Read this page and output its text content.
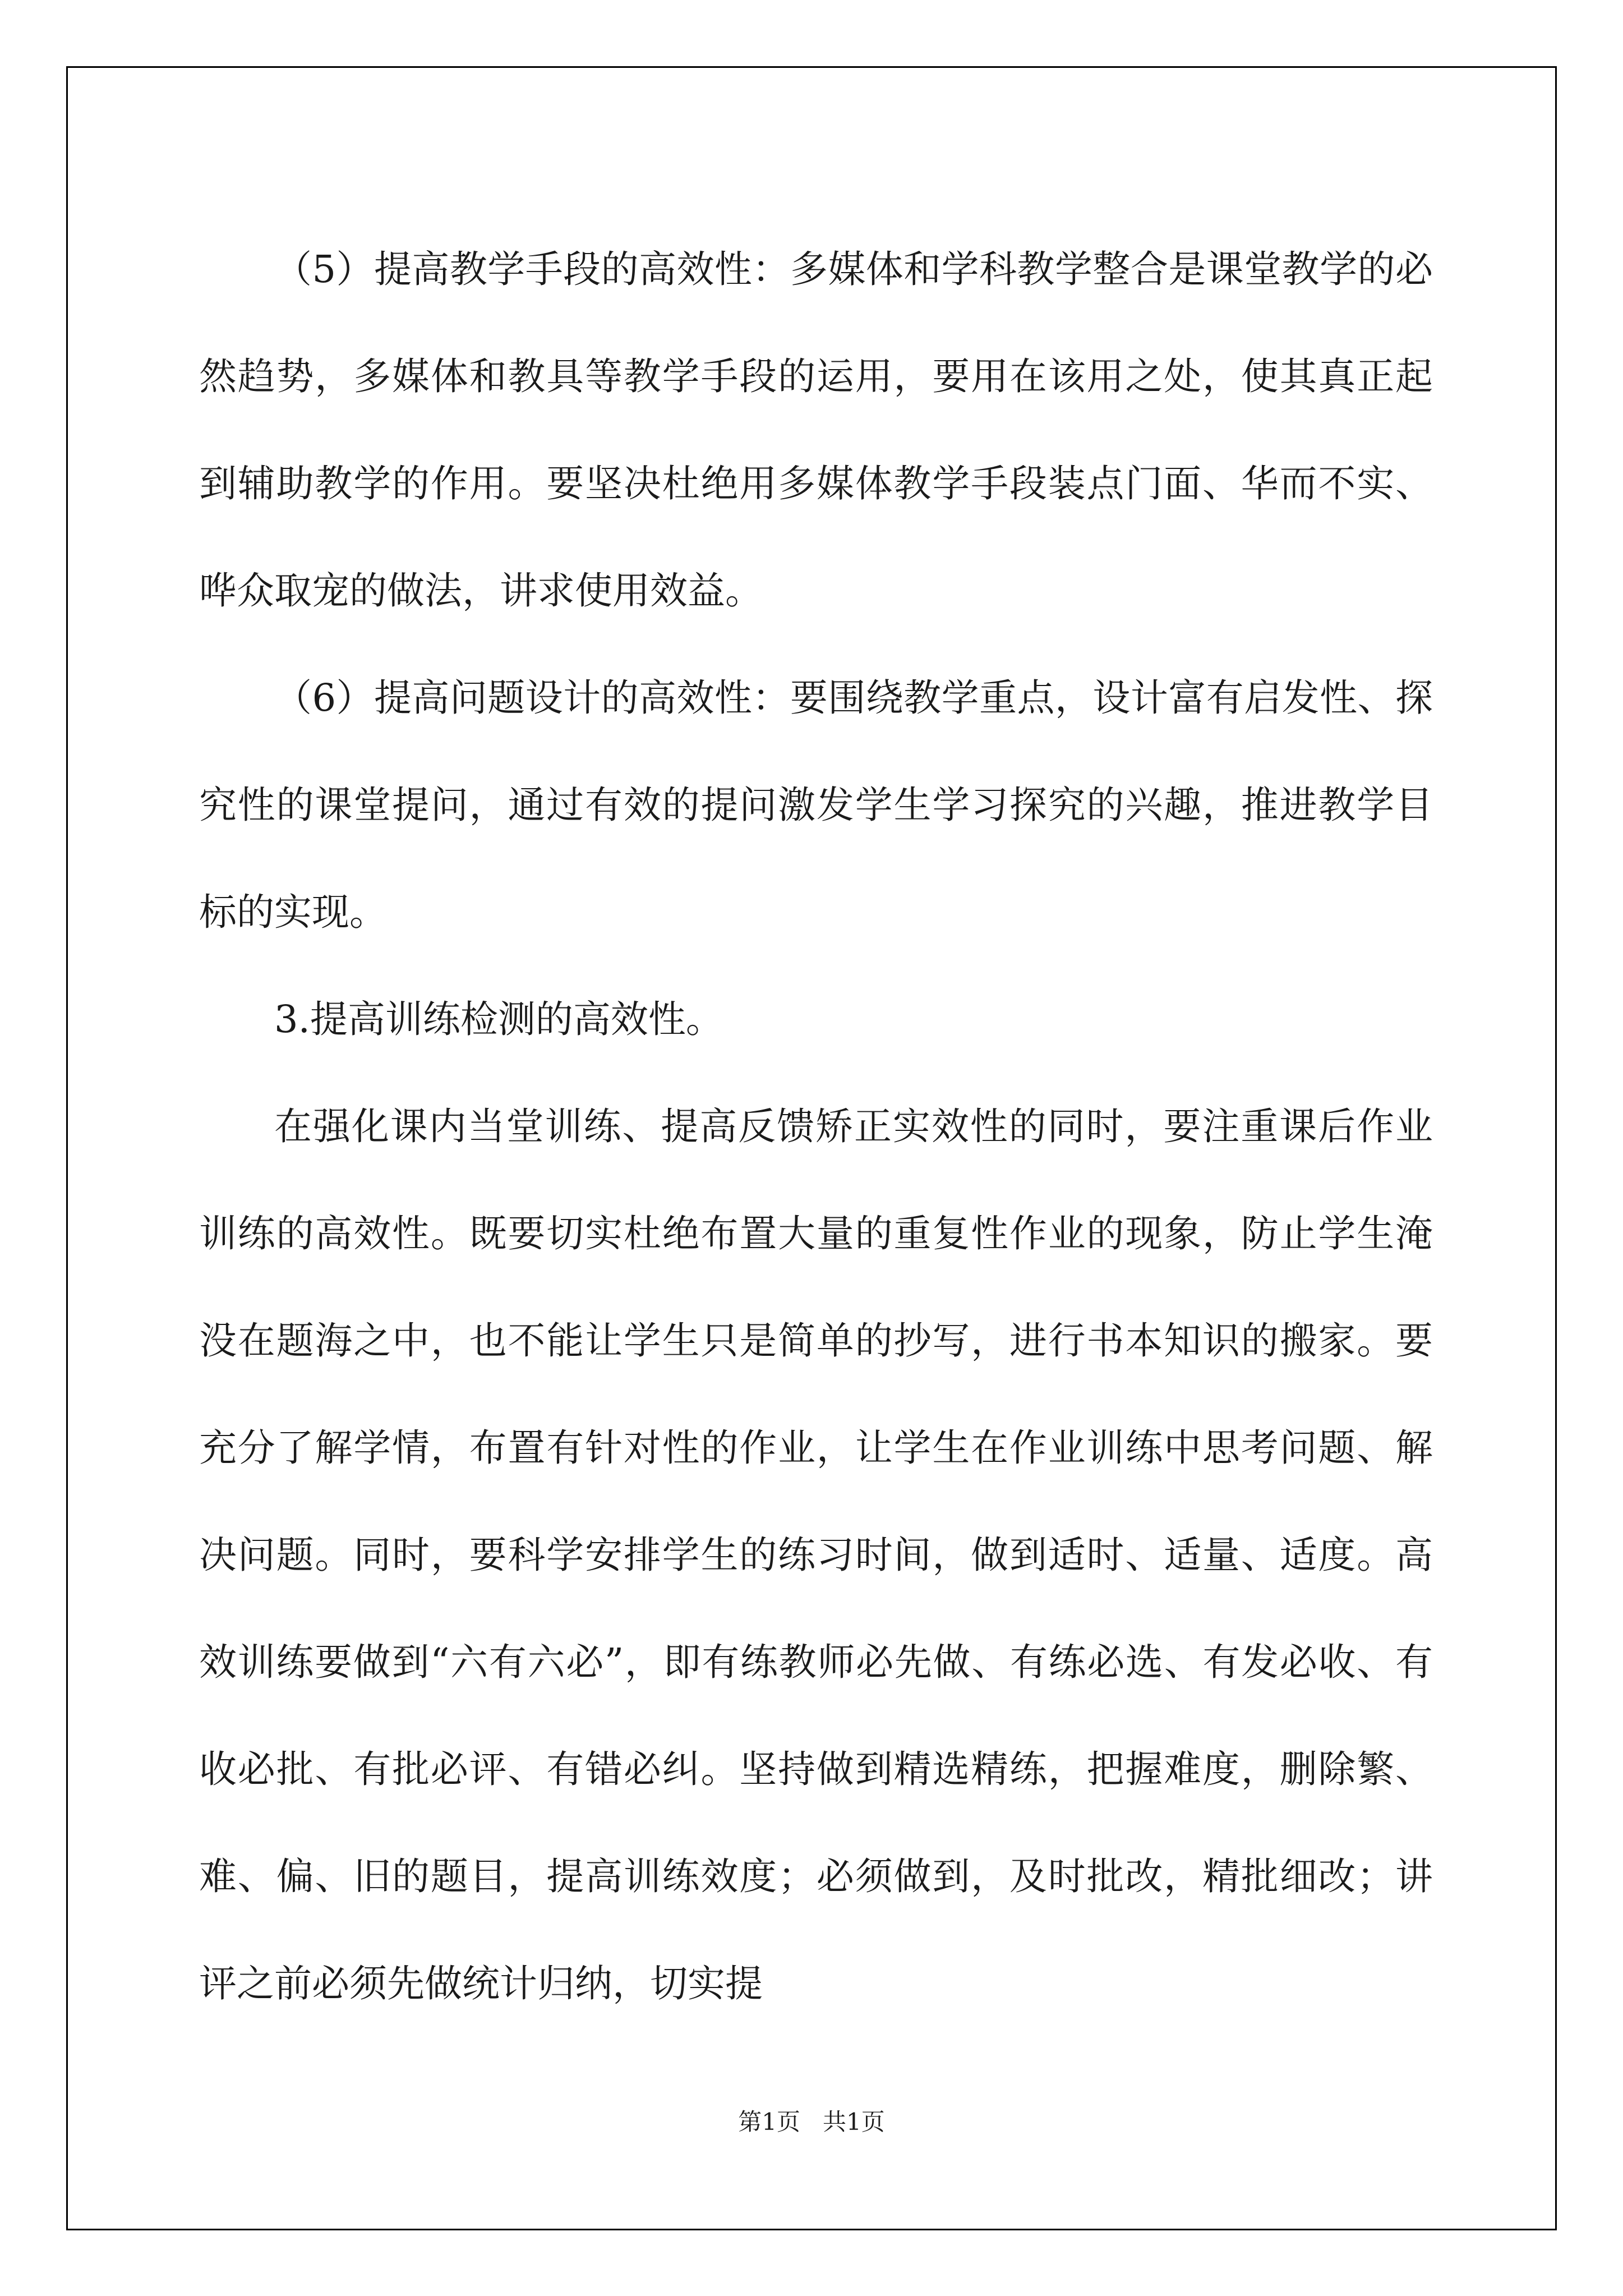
（5）提高教学手段的高效性：多媒体和学科教学整合是课堂教学的必然趋势，多媒体和教具等教学手段的运用，要用在该用之处，使其真正起到辅助教学的作用。要坚决杜绝用多媒体教学手段装点门面、华而不实、哗众取宠的做法，讲求使用效益。

（6）提高问题设计的高效性：要围绕教学重点，设计富有启发性、探究性的课堂提问，通过有效的提问激发学生学习探究的兴趣，推进教学目标的实现。

3.提高训练检测的高效性。

在强化课内当堂训练、提高反馈矫正实效性的同时，要注重课后作业训练的高效性。既要切实杜绝布置大量的重复性作业的现象，防止学生淹没在题海之中，也不能让学生只是简单的抄写，进行书本知识的搬家。要充分了解学情，布置有针对性的作业，让学生在作业训练中思考问题、解决问题。同时，要科学安排学生的练习时间，做到适时、适量、适度。高效训练要做到“六有六必”，即有练教师必先做、有练必选、有发必收、有收必批、有批必评、有错必纠。坚持做到精选精练，把握难度，删除繁、难、偏、旧的题目，提高训练效度；必须做到，及时批改，精批细改；讲评之前必须先做统计归纳，切实提

第1页   共1页
